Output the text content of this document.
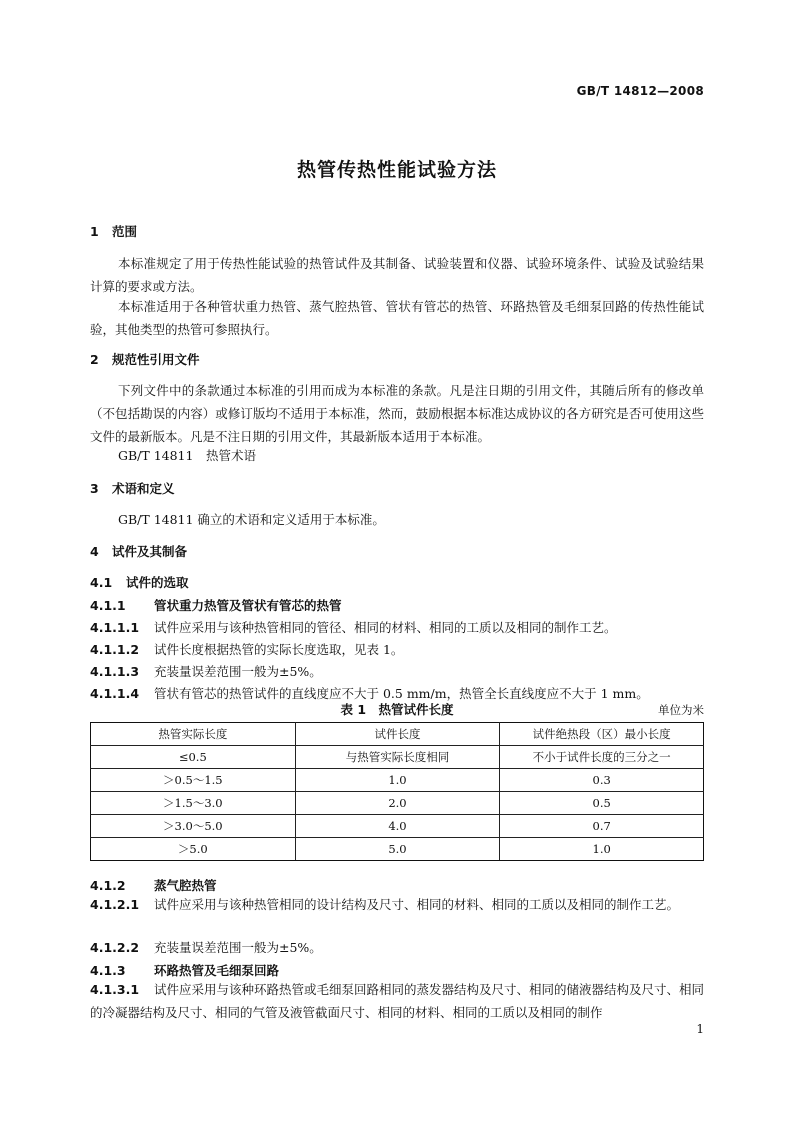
GB/T 14812—2008
热管传热性能试验方法
1 范围
本标准规定了用于传热性能试验的热管试件及其制备、试验装置和仪器、试验环境条件、试验及试验结果计算的要求或方法。
本标准适用于各种管状重力热管、蒸气腔热管、管状有管芯的热管、环路热管及毛细泵回路的传热性能试验，其他类型的热管可参照执行。
2 规范性引用文件
下列文件中的条款通过本标准的引用而成为本标准的条款。凡是注日期的引用文件，其随后所有的修改单（不包括勘误的内容）或修订版均不适用于本标准，然而，鼓励根据本标准达成协议的各方研究是否可使用这些文件的最新版本。凡是不注日期的引用文件，其最新版本适用于本标准。
GB/T 14811　热管术语
3 术语和定义
GB/T 14811 确立的术语和定义适用于本标准。
4 试件及其制备
4.1 试件的选取
4.1.1 管状重力热管及管状有管芯的热管
4.1.1.1 试件应采用与该种热管相同的管径、相同的材料、相同的工质以及相同的制作工艺。
4.1.1.2 试件长度根据热管的实际长度选取，见表 1。
4.1.1.3 充装量误差范围一般为±5%。
4.1.1.4 管状有管芯的热管试件的直线度应不大于 0.5 mm/m，热管全长直线度应不大于 1 mm。
表 1　热管试件长度	单位为米
热管实际长度	试件长度	试件绝热段（区）最小长度
≤0.5	与热管实际长度相同	不小于试件长度的三分之一
＞0.5～1.5	1.0	0.3
＞1.5～3.0	2.0	0.5
＞3.0～5.0	4.0	0.7
＞5.0	5.0	1.0
4.1.2 蒸气腔热管
4.1.2.1 试件应采用与该种热管相同的设计结构及尺寸、相同的材料、相同的工质以及相同的制作工艺。
4.1.2.2 充装量误差范围一般为±5%。
4.1.3 环路热管及毛细泵回路
4.1.3.1 试件应采用与该种环路热管或毛细泵回路相同的蒸发器结构及尺寸、相同的储液器结构及尺寸、相同的冷凝器结构及尺寸、相同的气管及液管截面尺寸、相同的材料、相同的工质以及相同的制作
1
